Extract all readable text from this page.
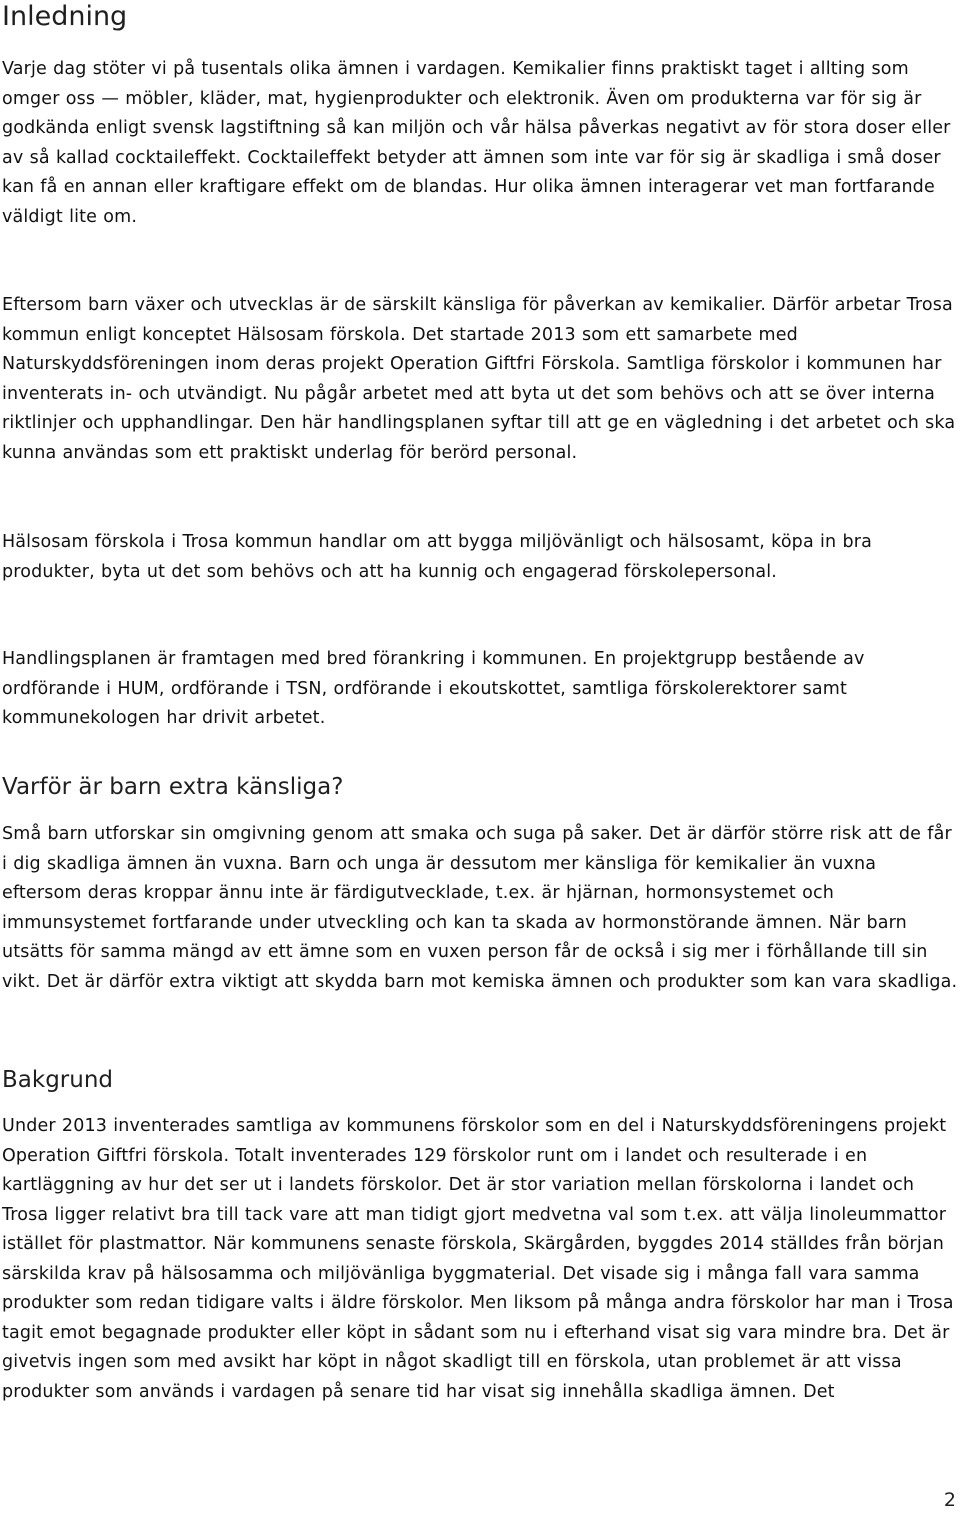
Inledning

Varje dag stöter vi på tusentals olika ämnen i vardagen. Kemikalier finns praktiskt taget i allting som omger oss — möbler, kläder, mat, hygienprodukter och elektronik. Även om produkterna var för sig är godkända enligt svensk lagstiftning så kan miljön och vår hälsa påverkas negativt av för stora doser eller av så kallad cocktaileffekt. Cocktaileffekt betyder att ämnen som inte var för sig är skadliga i små doser kan få en annan eller kraftigare effekt om de blandas. Hur olika ämnen interagerar vet man fortfarande väldigt lite om.

Eftersom barn växer och utvecklas är de särskilt känsliga för påverkan av kemikalier. Därför arbetar Trosa kommun enligt konceptet Hälsosam förskola. Det startade 2013 som ett samarbete med Naturskyddsföreningen inom deras projekt Operation Giftfri Förskola. Samtliga förskolor i kommunen har inventerats in- och utvändigt. Nu pågår arbetet med att byta ut det som behövs och att se över interna riktlinjer och upphandlingar. Den här handlingsplanen syftar till att ge en vägledning i det arbetet och ska kunna användas som ett praktiskt underlag för berörd personal.

Hälsosam förskola i Trosa kommun handlar om att bygga miljövänligt och hälsosamt, köpa in bra produkter, byta ut det som behövs och att ha kunnig och engagerad förskolepersonal.

Handlingsplanen är framtagen med bred förankring i kommunen. En projektgrupp bestående av ordförande i HUM, ordförande i TSN, ordförande i ekoutskottet, samtliga förskolerektorer samt kommunekologen har drivit arbetet.

Varför är barn extra känsliga?

Små barn utforskar sin omgivning genom att smaka och suga på saker. Det är därför större risk att de får i dig skadliga ämnen än vuxna. Barn och unga är dessutom mer känsliga för kemikalier än vuxna eftersom deras kroppar ännu inte är färdigutvecklade, t.ex. är hjärnan, hormonsystemet och immunsystemet fortfarande under utveckling och kan ta skada av hormonstörande ämnen. När barn utsätts för samma mängd av ett ämne som en vuxen person får de också i sig mer i förhållande till sin vikt. Det är därför extra viktigt att skydda barn mot kemiska ämnen och produkter som kan vara skadliga.

Bakgrund

Under 2013 inventerades samtliga av kommunens förskolor som en del i Naturskyddsföreningens projekt Operation Giftfri förskola. Totalt inventerades 129 förskolor runt om i landet och resulterade i en kartläggning av hur det ser ut i landets förskolor. Det är stor variation mellan förskolorna i landet och Trosa ligger relativt bra till tack vare att man tidigt gjort medvetna val som t.ex. att välja linoleummattor istället för plastmattor. När kommunens senaste förskola, Skärgården, byggdes 2014 ställdes från början särskilda krav på hälsosamma och miljövänliga byggmaterial. Det visade sig i många fall vara samma produkter som redan tidigare valts i äldre förskolor. Men liksom på många andra förskolor har man i Trosa tagit emot begagnade produkter eller köpt in sådant som nu i efterhand visat sig vara mindre bra. Det är givetvis ingen som med avsikt har köpt in något skadligt till en förskola, utan problemet är att vissa produkter som används i vardagen på senare tid har visat sig innehålla skadliga ämnen. Det

2
